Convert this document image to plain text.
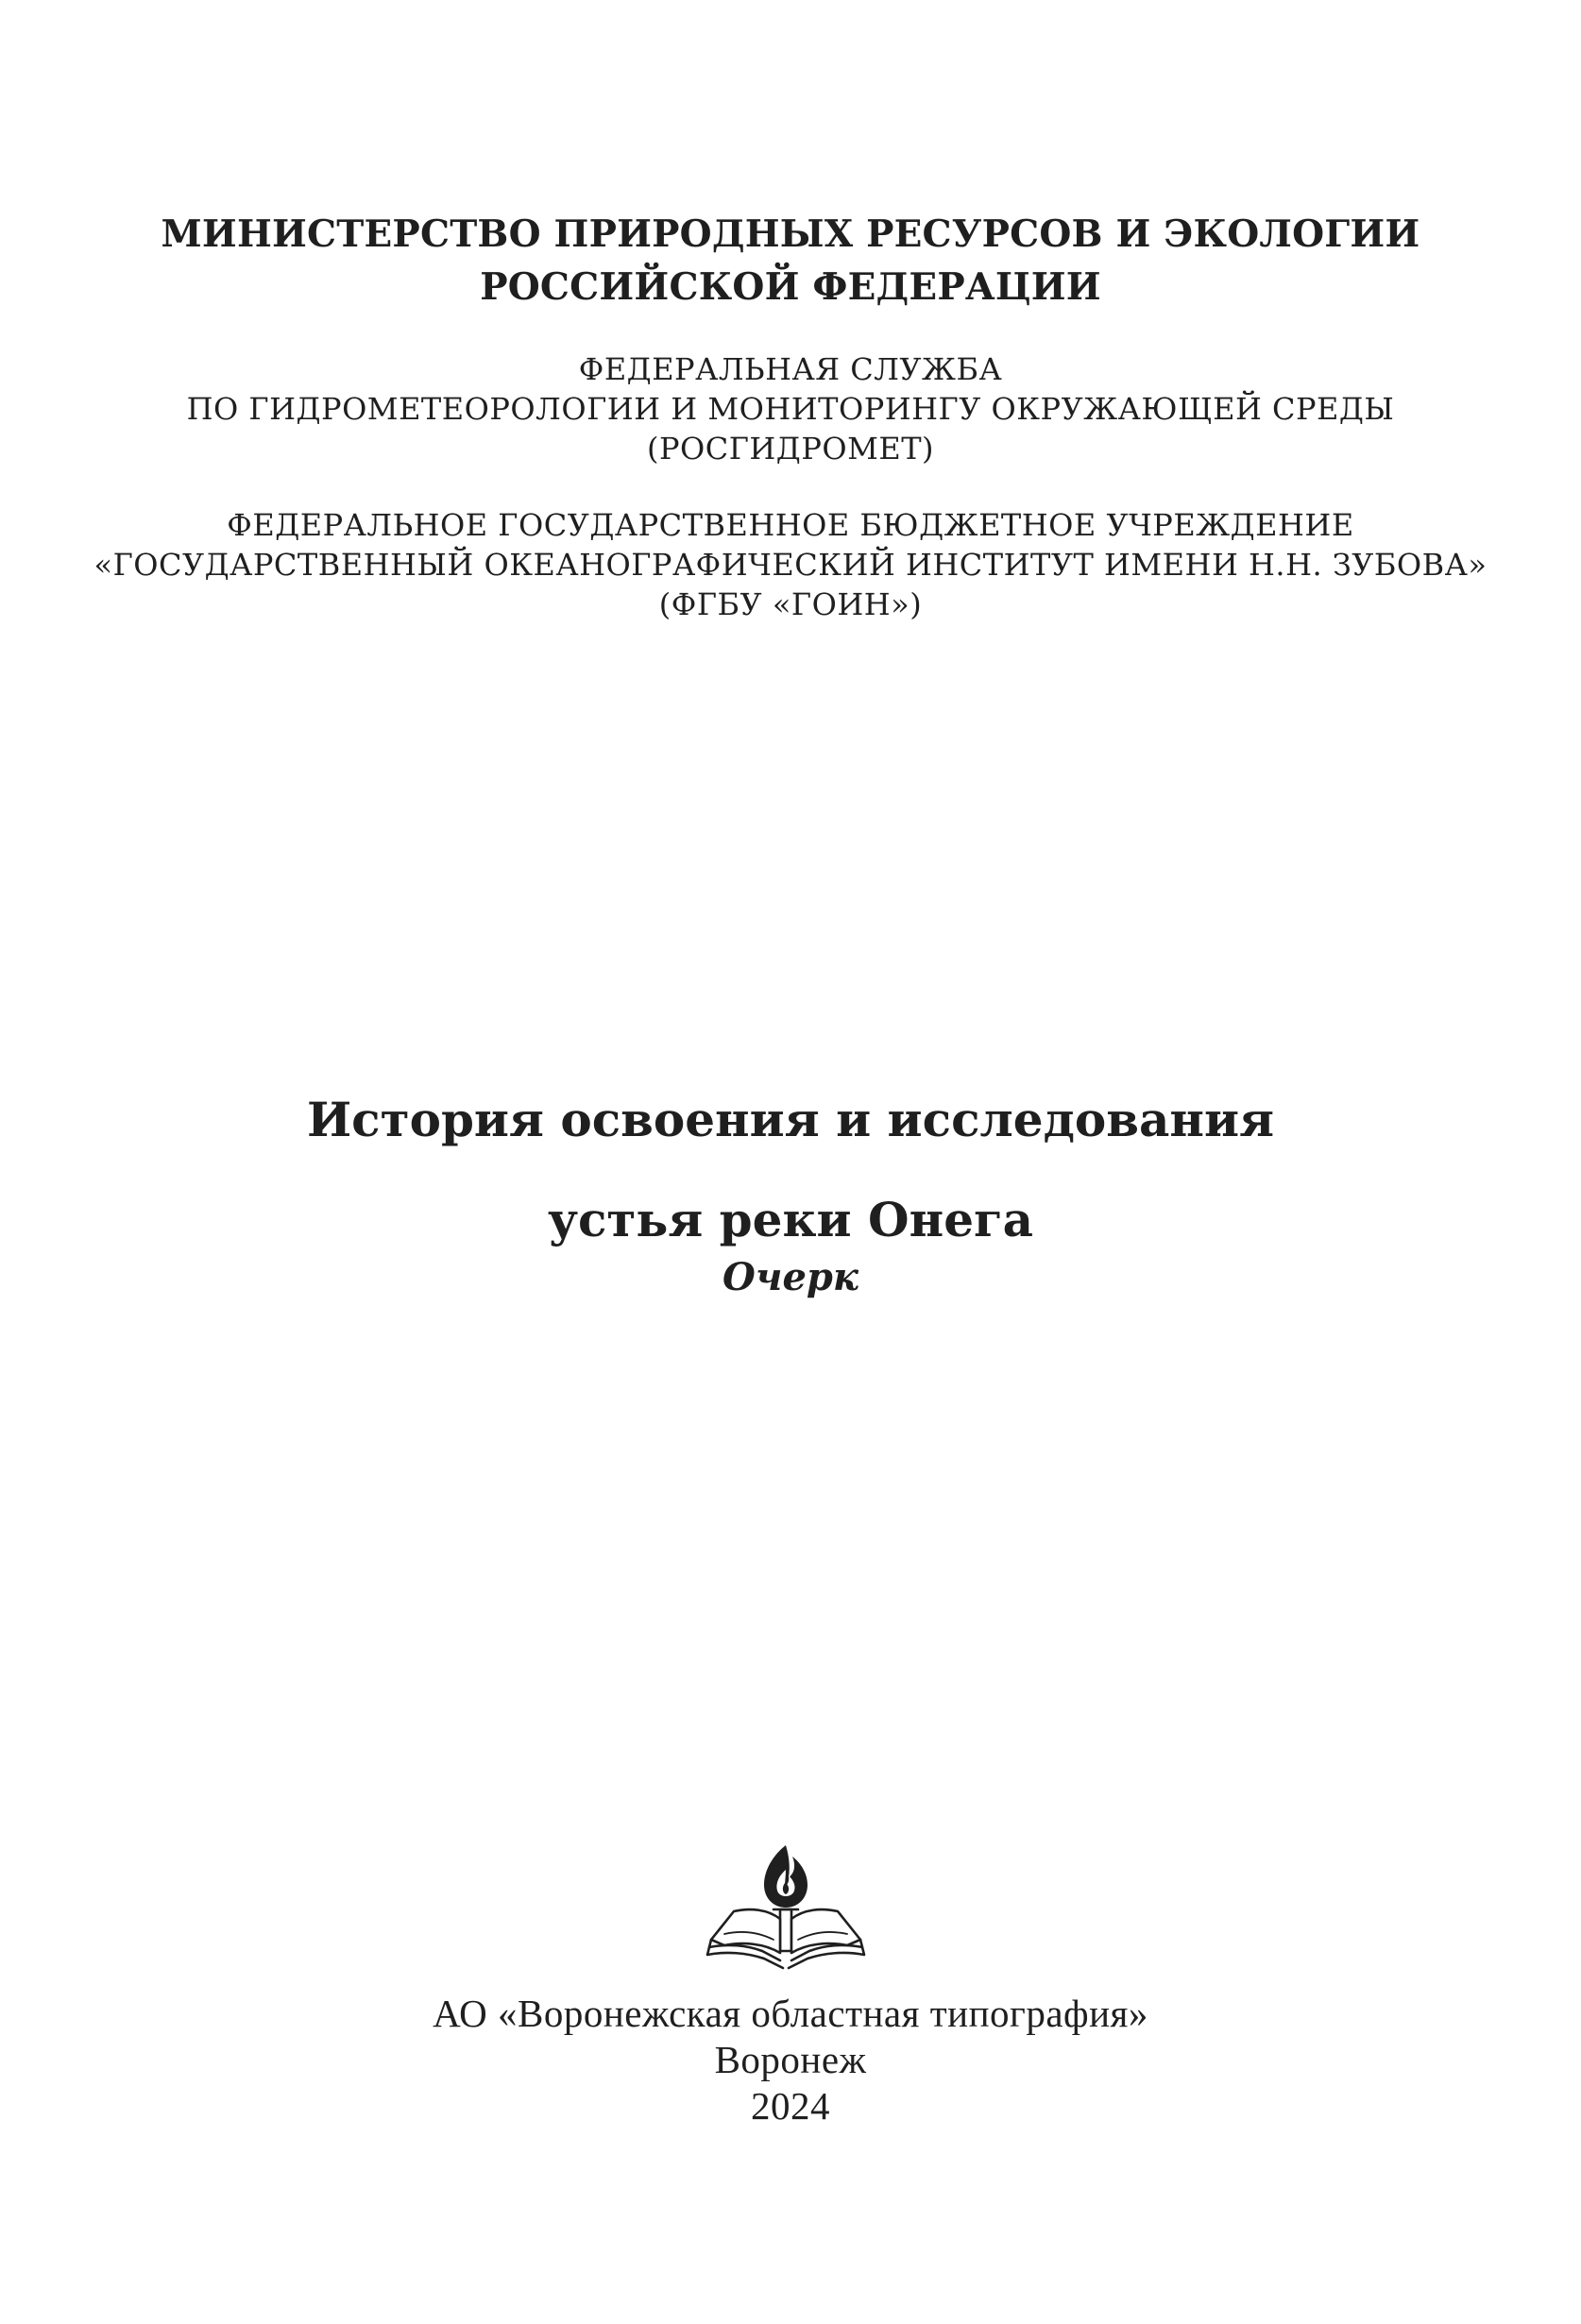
МИНИСТЕРСТВО ПРИРОДНЫХ РЕСУРСОВ И ЭКОЛОГИИ
РОССИЙСКОЙ ФЕДЕРАЦИИ
ФЕДЕРАЛЬНАЯ СЛУЖБА
ПО ГИДРОМЕТЕОРОЛОГИИ И МОНИТОРИНГУ ОКРУЖАЮЩЕЙ СРЕДЫ
(РОСГИДРОМЕТ)
ФЕДЕРАЛЬНОЕ ГОСУДАРСТВЕННОЕ БЮДЖЕТНОЕ УЧРЕЖДЕНИЕ
«ГОСУДАРСТВЕННЫЙ ОКЕАНОГРАФИЧЕСКИЙ ИНСТИТУТ ИМЕНИ Н.Н. ЗУБОВА»
(ФГБУ «ГОИН»)
История освоения и исследования
устья реки Онега
Очерк
АО «Воронежская областная типография»
Воронеж
2024
